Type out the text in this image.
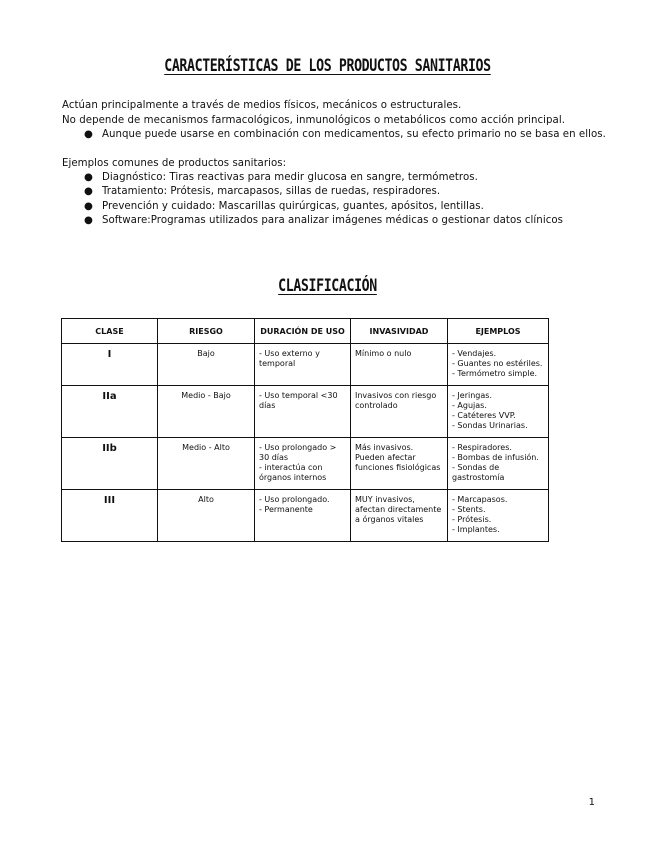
CARACTERÍSTICAS DE LOS PRODUCTOS SANITARIOS
Actúan principalmente a través de medios físicos, mecánicos o estructurales.
No depende de mecanismos farmacológicos, inmunológicos o metabólicos como acción principal.
● Aunque puede usarse en combinación con medicamentos, su efecto primario no se basa en ellos.
Ejemplos comunes de productos sanitarios:
● Diagnóstico: Tiras reactivas para medir glucosa en sangre, termómetros.
● Tratamiento: Prótesis, marcapasos, sillas de ruedas, respiradores.
● Prevención y cuidado: Mascarillas quirúrgicas, guantes, apósitos, lentillas.
● Software:Programas utilizados para analizar imágenes médicas o gestionar datos clínicos
CLASIFICACIÓN
CLASE	RIESGO	DURACIÓN DE USO	INVASIVIDAD	EJEMPLOS
I	Bajo	- Uso externo y temporal	Mínimo o nulo	- Vendajes.
- Guantes no estériles.
- Termómetro simple.

IIa	Medio - Bajo	- Uso temporal <30 días	Invasivos con riesgo controlado	- Jeringas.
- Agujas.
- Catéteres VVP.
- Sondas Urinarias.

IIb	Medio - Alto	- Uso prolongado > 30 días
- interactúa con órganos internos	Más invasivos.
Pueden afectar funciones fisiológicas	- Respiradores.
- Bombas de infusión.
- Sondas de gastrostomía

III	Alto	- Uso prolongado.
- Permanente	MUY invasivos, afectan directamente a órganos vitales	- Marcapasos.
- Stents.
- Prótesis.
- Implantes.
1
